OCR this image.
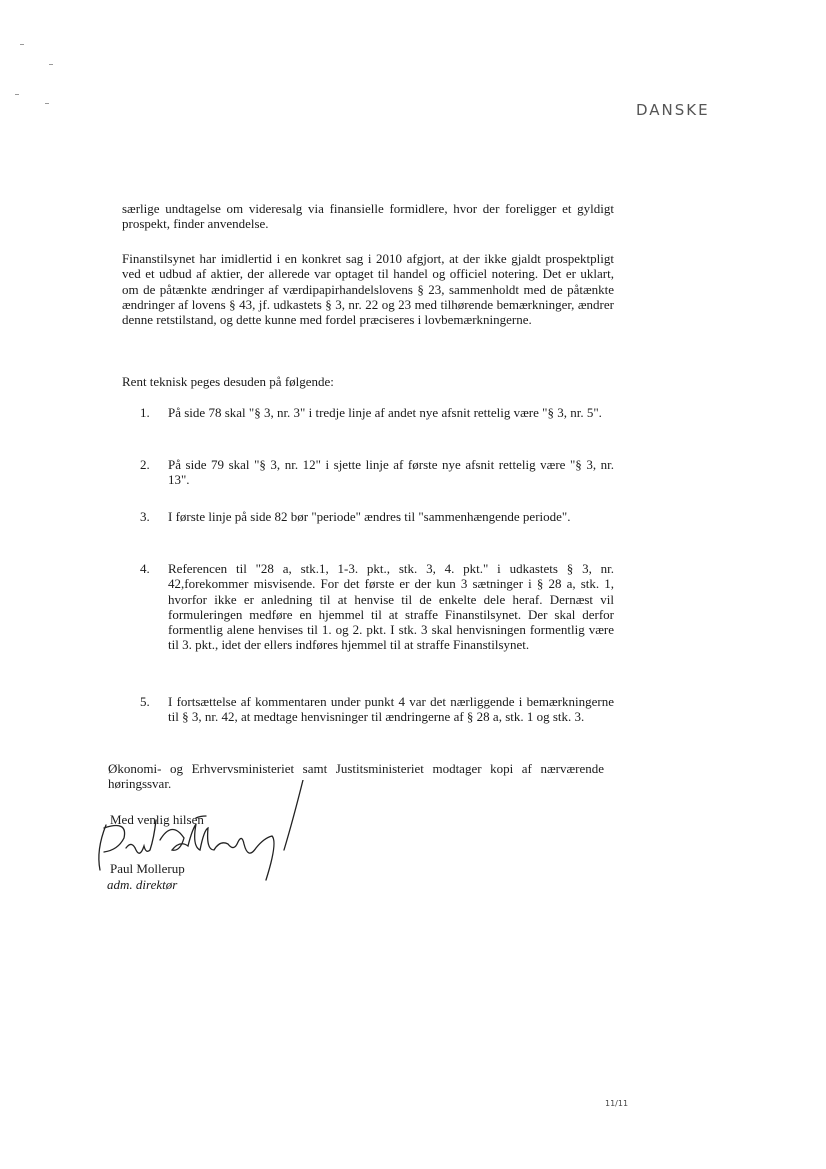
DANSKE

særlige undtagelse om videresalg via finansielle formidlere, hvor der foreligger et gyldigt prospekt, finder anvendelse.

Finanstilsynet har imidlertid i en konkret sag i 2010 afgjort, at der ikke gjaldt prospektpligt ved et udbud af aktier, der allerede var optaget til handel og officiel notering. Det er uklart, om de påtænkte ændringer af værdipapirhandelslovens § 23, sammenholdt med de påtænkte ændringer af lovens § 43, jf. udkastets § 3, nr. 22 og 23 med tilhørende bemærkninger, ændrer denne retstilstand, og dette kunne med fordel præciseres i lovbemærkningerne.

Rent teknisk peges desuden på følgende:

1.	På side 78 skal "§ 3, nr. 3" i tredje linje af andet nye afsnit rettelig være "§ 3, nr. 5".

2.	På side 79 skal "§ 3, nr. 12" i sjette linje af første nye afsnit rettelig være "§ 3, nr. 13".

3.	I første linje på side 82 bør "periode" ændres til "sammenhængende periode".

4.	Referencen til "28 a, stk.1, 1-3. pkt., stk. 3, 4. pkt." i udkastets § 3, nr. 42,forekommer misvisende. For det første er der kun 3 sætninger i § 28 a, stk. 1, hvorfor ikke er anledning til at henvise til de enkelte dele heraf. Dernæst vil formuleringen medføre en hjemmel til at straffe Finanstilsynet. Der skal derfor formentlig alene henvises til 1. og 2. pkt. I stk. 3 skal henvisningen formentlig være til 3. pkt., idet der ellers indføres hjemmel til at straffe Finanstilsynet.

5.	I fortsættelse af kommentaren under punkt 4 var det nærliggende i bemærkningerne til § 3, nr. 42, at medtage henvisninger til ændringerne af § 28 a, stk. 1 og stk. 3.

Økonomi- og Erhvervsministeriet samt Justitsministeriet modtager kopi af nærværende høringssvar.

Med venlig hilsen
Paul Mollerup
adm. direktør
11/11
